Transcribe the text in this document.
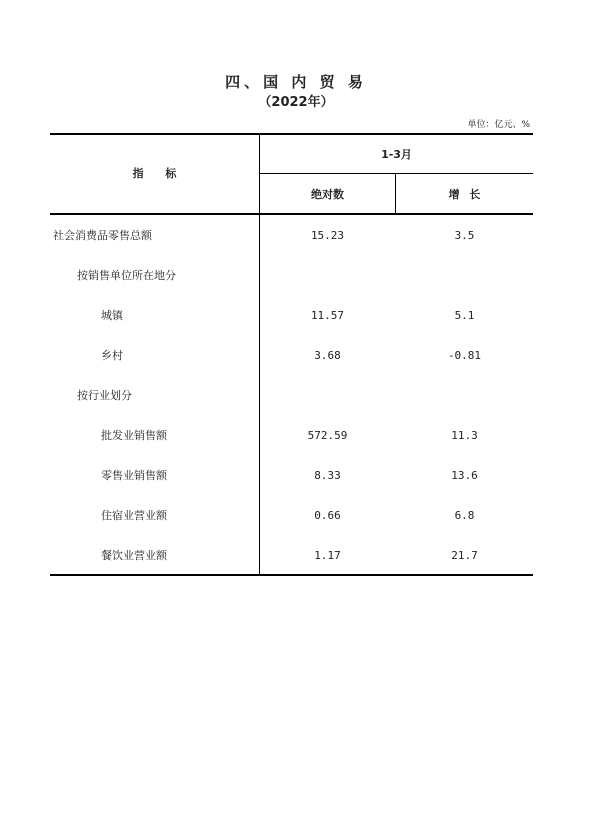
四、国 内 贸 易
（2022年）
单位：亿元、%
指 标
1-3月
绝对数	增 长
社会消费品零售总额	15.23	3.5
按销售单位所在地分
城镇	11.57	5.1
乡村	3.68	-0.81
按行业划分
批发业销售额	572.59	11.3
零售业销售额	8.33	13.6
住宿业营业额	0.66	6.8
餐饮业营业额	1.17	21.7
